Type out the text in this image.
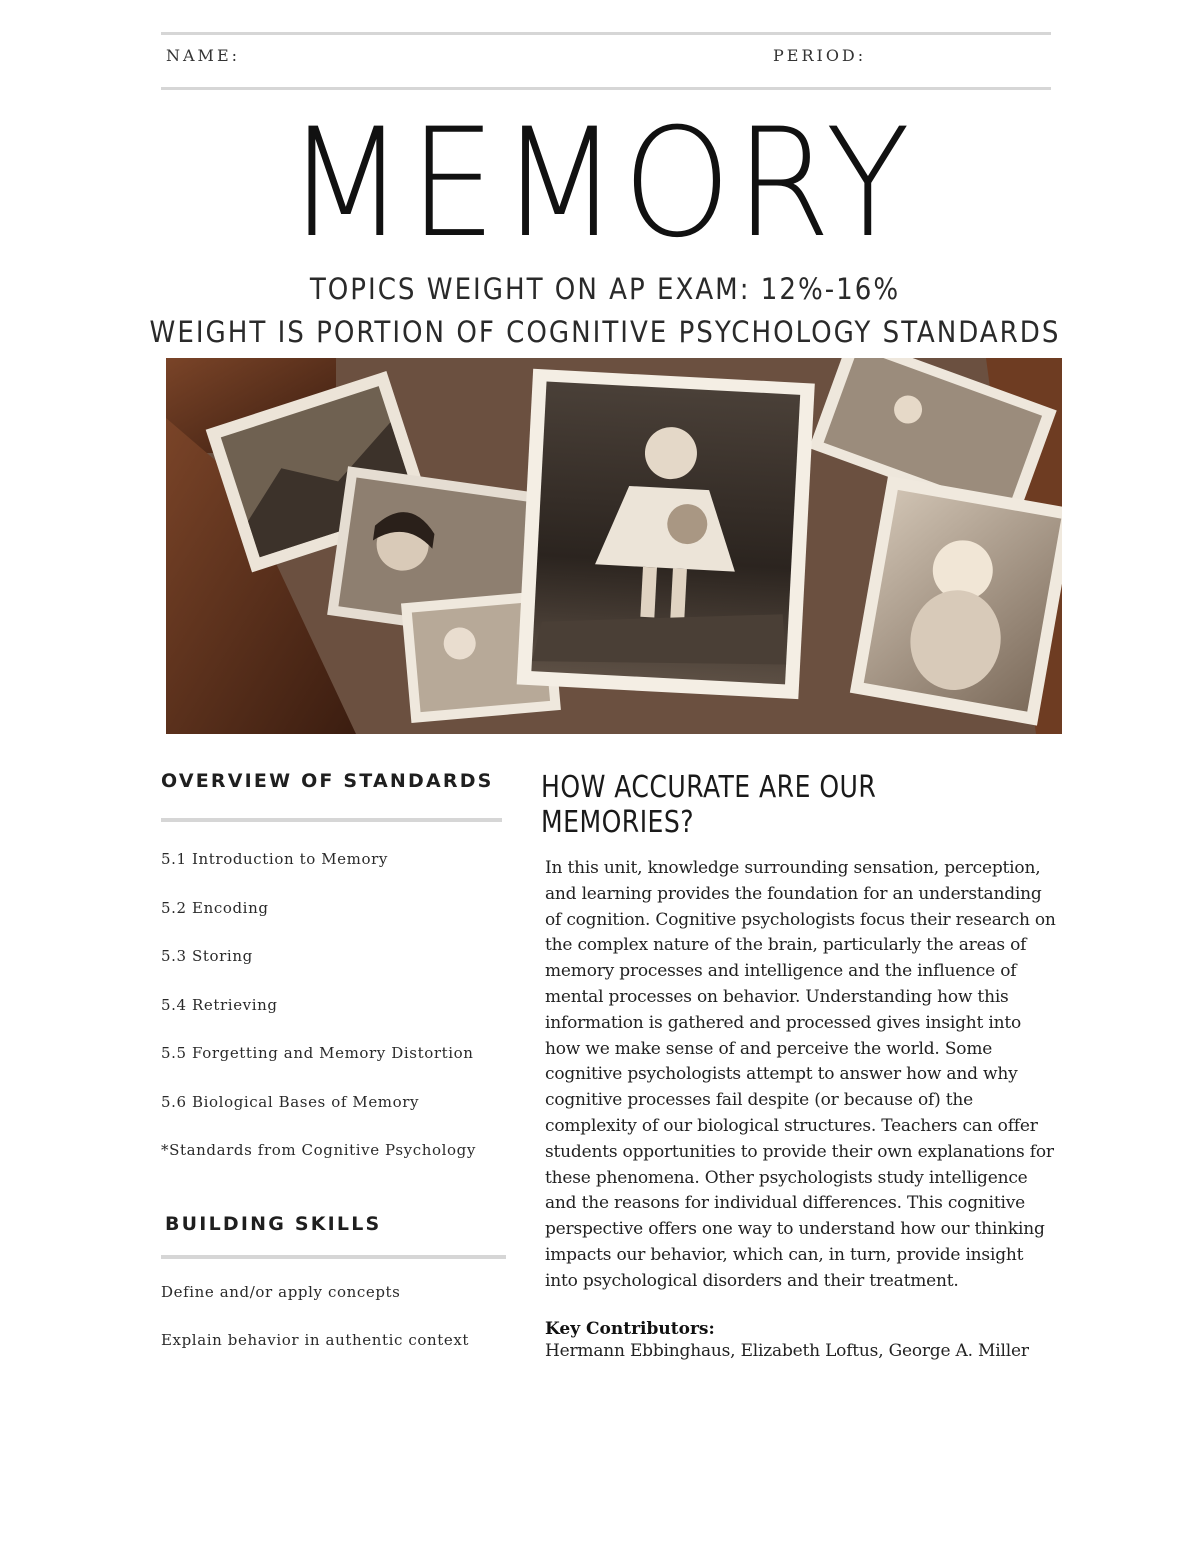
NAME:	PERIOD:
MEMORY
TOPICS WEIGHT ON AP EXAM: 12%-16%
WEIGHT IS PORTION OF COGNITIVE PSYCHOLOGY STANDARDS
OVERVIEW OF STANDARDS
5.1 Introduction to Memory
5.2 Encoding
5.3 Storing
5.4 Retrieving
5.5 Forgetting and Memory Distortion
5.6 Biological Bases of Memory
*Standards from Cognitive Psychology
BUILDING SKILLS
Define and/or apply concepts
Explain behavior in authentic context
HOW ACCURATE ARE OUR MEMORIES?

In this unit, knowledge surrounding sensation, perception, and learning provides the foundation for an understanding of cognition. Cognitive psychologists focus their research on the complex nature of the brain, particularly the areas of memory processes and intelligence and the influence of mental processes on behavior. Understanding how this information is gathered and processed gives insight into how we make sense of and perceive the world. Some cognitive psychologists attempt to answer how and why cognitive processes fail despite (or because of) the complexity of our biological structures. Teachers can offer students opportunities to provide their own explanations for these phenomena. Other psychologists study intelligence and the reasons for individual differences. This cognitive perspective offers one way to understand how our thinking impacts our behavior, which can, in turn, provide insight into psychological disorders and their treatment.

Key Contributors:
Hermann Ebbinghaus, Elizabeth Loftus, George A. Miller
